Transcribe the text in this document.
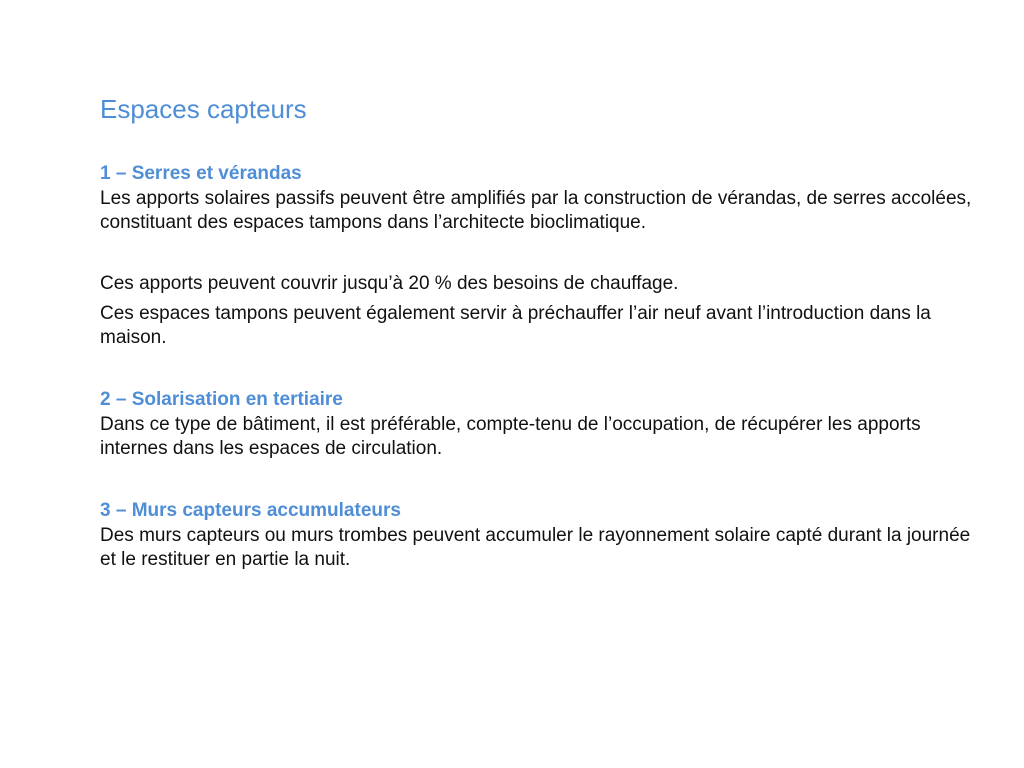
Espaces capteurs
1 – Serres et vérandas

Les apports solaires passifs peuvent être amplifiés par la construction de vérandas, de serres accolées, constituant des espaces tampons dans l’architecte bioclimatique.

Ces apports peuvent couvrir jusqu’à 20 % des besoins de chauffage.

Ces espaces tampons peuvent également servir à préchauffer l’air neuf avant l’introduction dans la maison.

2 – Solarisation en tertiaire

Dans ce type de bâtiment, il est préférable, compte-tenu de l’occupation, de récupérer les apports internes dans les espaces de circulation.

3 – Murs capteurs accumulateurs

Des murs capteurs ou murs trombes peuvent accumuler le rayonnement solaire capté durant la journée et le restituer en partie la nuit.
